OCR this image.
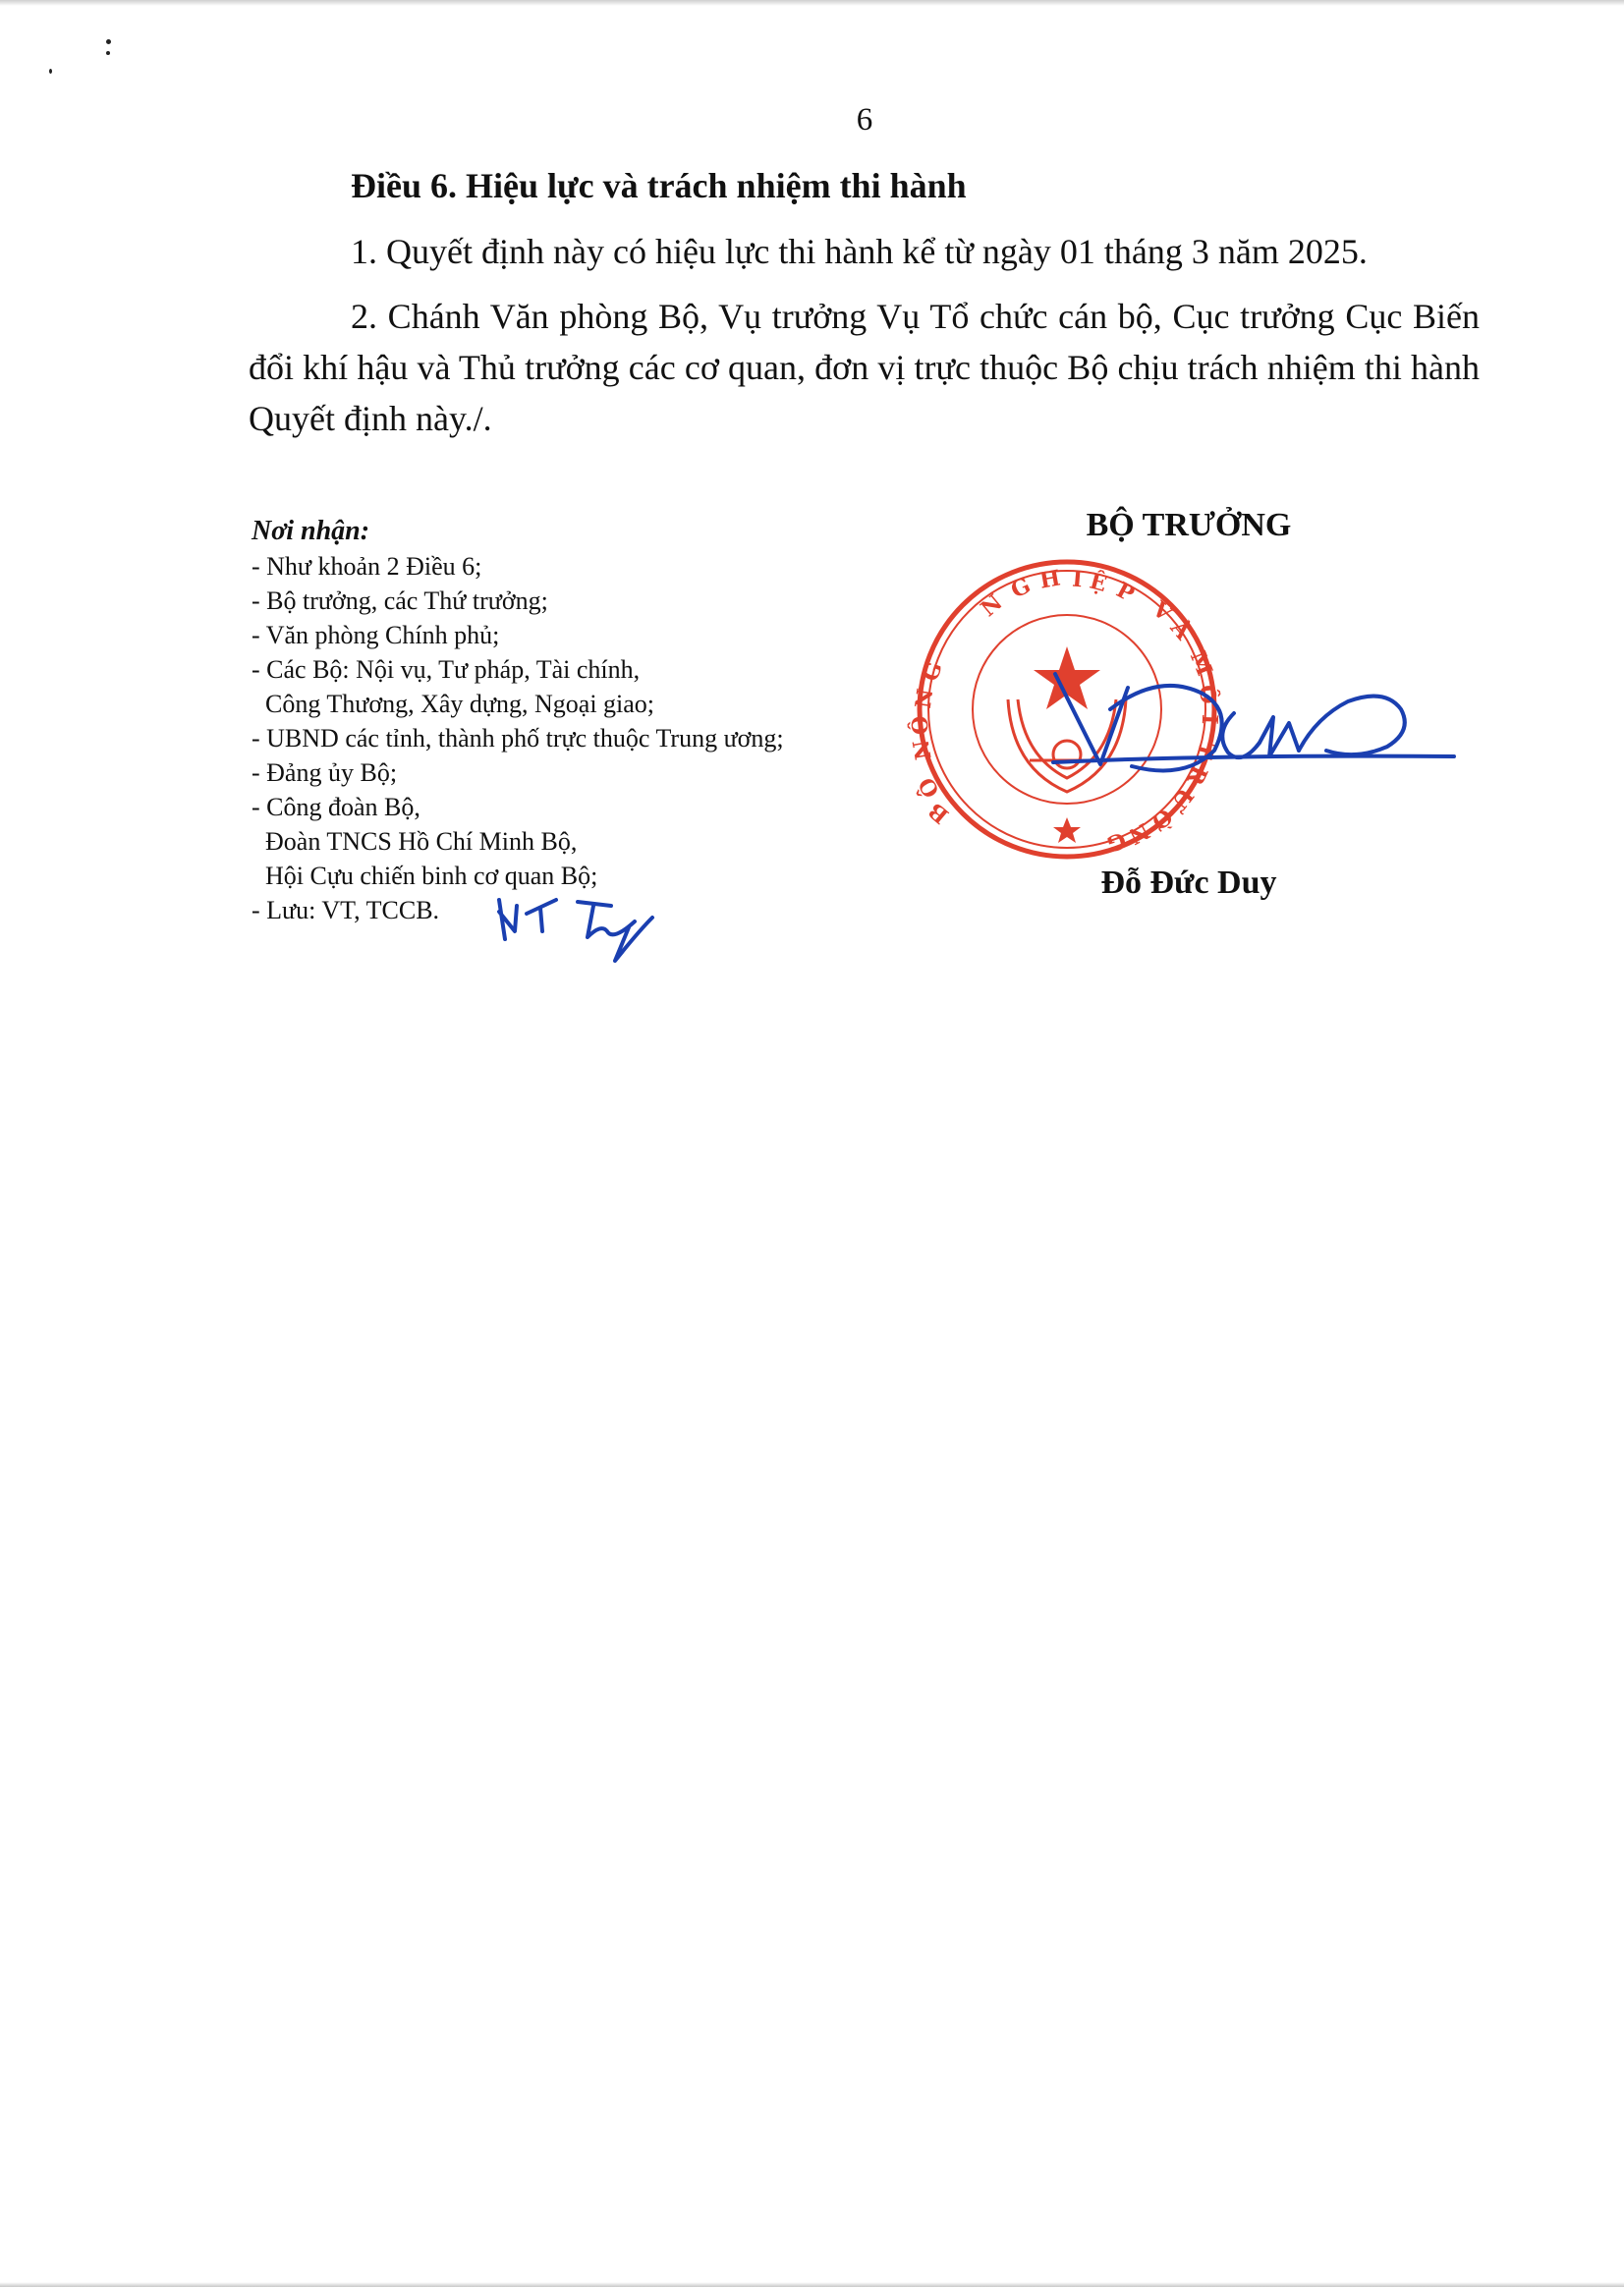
6
Điều 6. Hiệu lực và trách nhiệm thi hành

1. Quyết định này có hiệu lực thi hành kể từ ngày 01 tháng 3 năm 2025.

2. Chánh Văn phòng Bộ, Vụ trưởng Vụ Tổ chức cán bộ, Cục trưởng Cục Biến đổi khí hậu và Thủ trưởng các cơ quan, đơn vị trực thuộc Bộ chịu trách nhiệm thi hành Quyết định này./.

Nơi nhận:
- Như khoản 2 Điều 6;
- Bộ trưởng, các Thứ trưởng;
- Văn phòng Chính phủ;
- Các Bộ: Nội vụ, Tư pháp, Tài chính,
Công Thương, Xây dựng, Ngoại giao;
- UBND các tỉnh, thành phố trực thuộc Trung ương;
- Đảng ủy Bộ;
- Công đoàn Bộ,
Đoàn TNCS Hồ Chí Minh Bộ,
Hội Cựu chiến binh cơ quan Bộ;
- Lưu: VT, TCCB.
BỘ TRƯỞNG
N
G H I Ệ P
V
À
M
Ô
I
T
R
Ư
Ờ
N
G
B
Ộ
N
Ô
N
G
Đỗ Đức Duy
